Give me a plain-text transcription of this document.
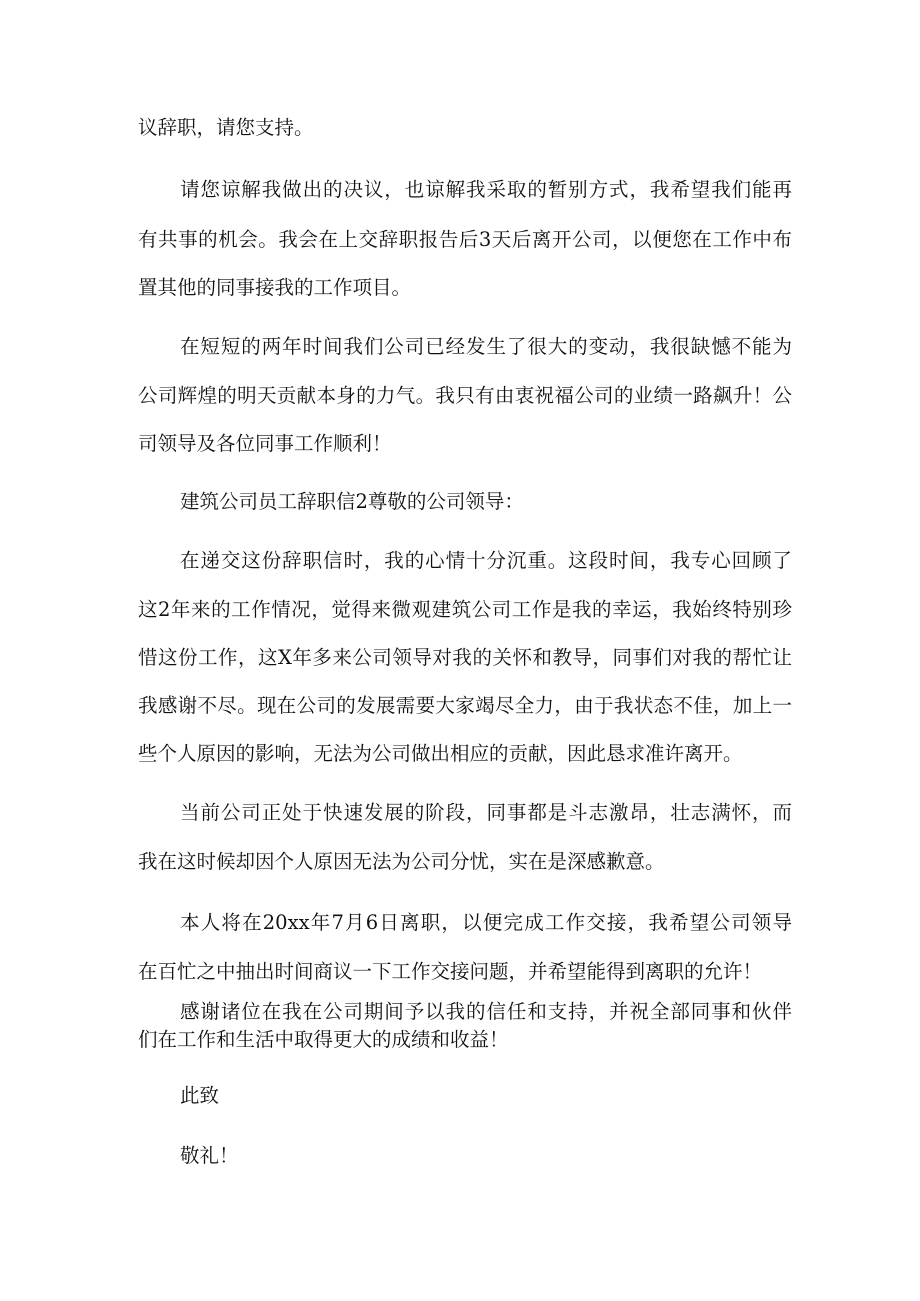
议辞职，请您支持。
请您谅解我做出的决议，也谅解我采取的暂别方式，我希望我们能再
有共事的机会。我会在上交辞职报告后3天后离开公司，以便您在工作中布
置其他的同事接我的工作项目。
在短短的两年时间我们公司已经发生了很大的变动，我很缺憾不能为
公司辉煌的明天贡献本身的力气。我只有由衷祝福公司的业绩一路飙升！公
司领导及各位同事工作顺利！
建筑公司员工辞职信2尊敬的公司领导：
在递交这份辞职信时，我的心情十分沉重。这段时间，我专心回顾了
这2年来的工作情况，觉得来微观建筑公司工作是我的幸运，我始终特别珍
惜这份工作，这X年多来公司领导对我的关怀和教导，同事们对我的帮忙让
我感谢不尽。现在公司的发展需要大家竭尽全力，由于我状态不佳，加上一
些个人原因的影响，无法为公司做出相应的贡献，因此恳求准许离开。
当前公司正处于快速发展的阶段，同事都是斗志激昂，壮志满怀，而
我在这时候却因个人原因无法为公司分忧，实在是深感歉意。
本人将在20xx年7月6日离职，以便完成工作交接，我希望公司领导
在百忙之中抽出时间商议一下工作交接问题，并希望能得到离职的允许！
感谢诸位在我在公司期间予以我的信任和支持，并祝全部同事和伙伴
们在工作和生活中取得更大的成绩和收益！
此致
敬礼！
